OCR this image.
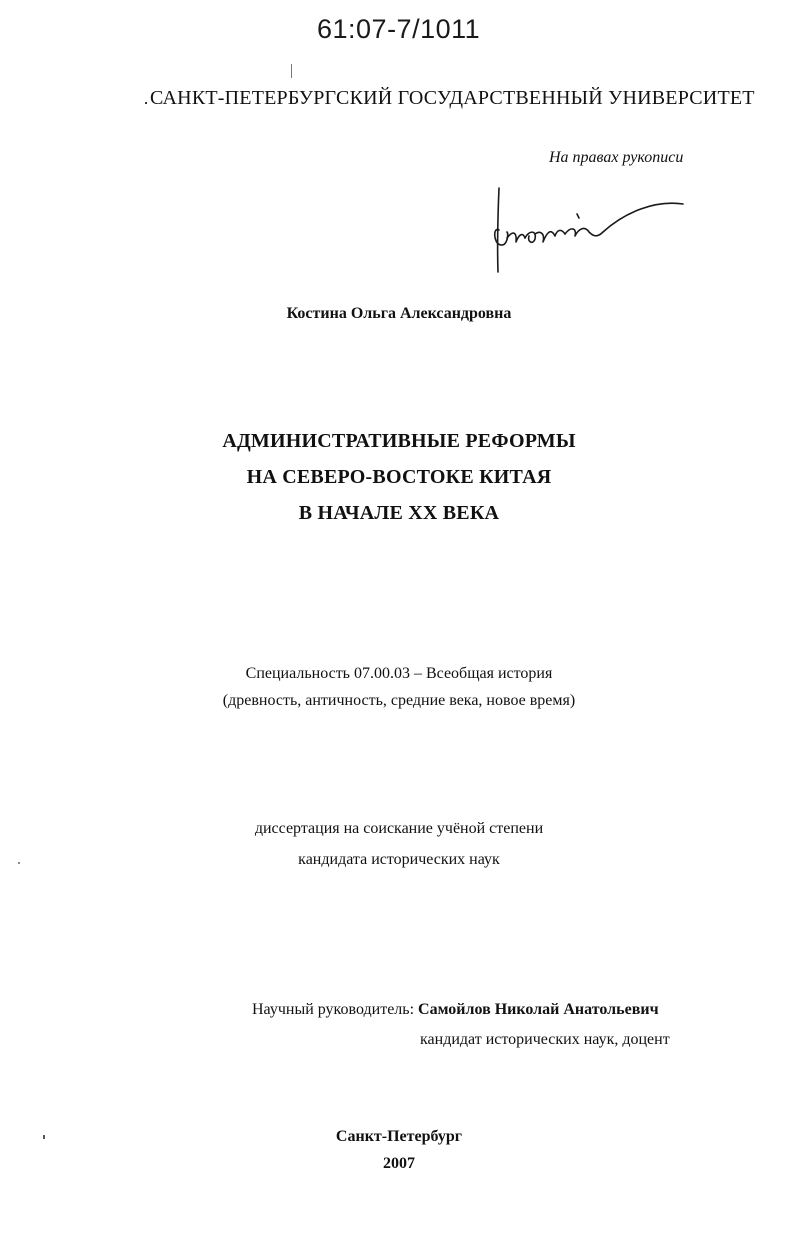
61:07-7/1011
САНКТ-ПЕТЕРБУРГСКИЙ ГОСУДАРСТВЕННЫЙ УНИВЕРСИТЕТ
На правах рукописи
Костина Ольга Александровна
АДМИНИСТРАТИВНЫЕ РЕФОРМЫ
НА СЕВЕРО-ВОСТОКЕ КИТАЯ
В НАЧАЛЕ XX ВЕКА
Специальность 07.00.03 – Всеобщая история
(древность, античность, средние века, новое время)
диссертация на соискание учёной степени
кандидата исторических наук
Научный руководитель: Самойлов Николай Анатольевич
кандидат исторических наук, доцент
Санкт-Петербург
2007
